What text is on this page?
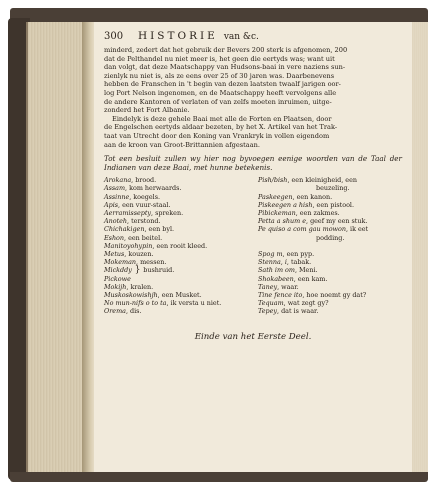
300	HISTORIE van &c.

minderd, zedert dat het gebruik der Bevers 200 sterk is afgenomen, 200

dat de Pelthandel nu niet meer is, het geen die eertyds was; want uit

dan volgt, dat deze Maatschappy van Hudsons-baai in vere naziens sun-

zienlyk nu niet is, als ze eens over 25 of 30 jaren was. Daarbenevens

hebben de Franschen in 't begin van dezen laatsten twaalf jarigen oor-

log Port Nelson ingenomen, en de Maatschappy heeft vervolgens alle

de andere Kantoren of verlaten of van zelfs moeten inruimen, uitge-

zonderd het Fort Albanie.

Eindelyk is deze gehele Baai met alle de Forten en Plaatsen, door

de Engelschen eertyds aldaar bezeten, by het X. Artikel van het Trak-

taat van Utrecht door den Koning van Vrankryk in vollen eigendom

aan de kroon van Groot-Brittannien afgestaan.

Tot een besluit zullen wy hier nog byvoegen eenige woorden van de Taal der Indianen van deze Baai, met hunne betekenis.
Arokana, brood.
Assam, kom herwaards.
Assinne, koegels.
Apis, een vuur-staal.
Aerramissepty, spreken.
Anoteh, terstond.
Chichakigen, een byl.
Eshon, een beitel.
Manitoyohypin, een rooit kleed.
Metus, kouzen.
Mokeman, messen.
Mickddy } bushruid.
Pickowe
Mokijh, kralen.
Muskoskowishjh, een Musket.
No mun-nifs o to ta, ik versta u niet.
Orema, dis.
Pish/bish, een kleinigheid, een
beuzeling.
Paskeegen, een kanon.
Piskeegen a hish, een pistool.
Pibickeman, een zakmes.
Petta a shum e, geef my een stuk.
Pe quiso a com gau mowon, ik eet
podding.

Spog m, een pyp.
Stenna, i, tabak.
Sath im om, Meni.
Shokabeen, een kam.
Taney, waar.
Tine fence ito, hoe noemt gy dat?
Tequam, wat zegt gy?
Tepey, dat is waar.
Einde van het Eerste Deel.
